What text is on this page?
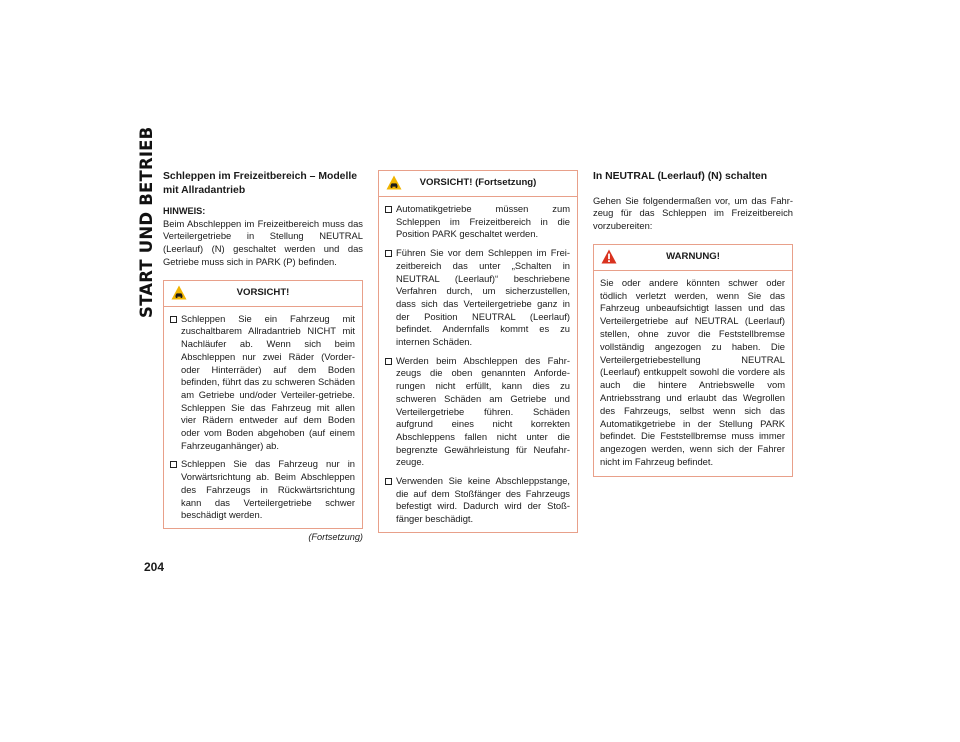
START UND BETRIEB
204

Schleppen im Freizeitbereich – Modelle mit Allradantrieb

HINWEIS:

Beim Abschleppen im Freizeitbereich muss das Verteilergetriebe in Stellung NEUTRAL (Leerlauf) (N) geschaltet werden und das Getriebe muss sich in PARK (P) befinden.

VORSICHT!
Schleppen Sie ein Fahrzeug mit zuschaltbarem Allradantrieb NICHT mit Nachläufer ab. Wenn sich beim Abschleppen nur zwei Räder (Vorder- oder Hinterräder) auf dem Boden befinden, führt das zu schweren Schäden am Getriebe und/oder Verteiler-getriebe. Schleppen Sie das Fahrzeug mit allen vier Rädern entweder auf dem Boden oder vom Boden abgehoben (auf einem Fahrzeuganhänger) ab.
Schleppen Sie das Fahrzeug nur in Vorwärtsrichtung ab. Beim Abschleppen des Fahrzeugs in Rückwärtsrichtung kann das Verteilergetriebe schwer beschädigt werden.
(Fortsetzung)
VORSICHT! (Fortsetzung)
Automatikgetriebe müssen zum Schleppen im Freizeitbereich in die Position PARK geschaltet werden.
Führen Sie vor dem Schleppen im Frei-zeitbereich das unter „Schalten in NEUTRAL (Leerlauf)“ beschriebene Verfahren durch, um sicherzustellen, dass sich das Verteilergetriebe ganz in der Position NEUTRAL (Leerlauf) befindet. Andernfalls kommt es zu internen Schäden.
Werden beim Abschleppen des Fahr-zeugs die oben genannten Anforde-rungen nicht erfüllt, kann dies zu schweren Schäden am Getriebe und Verteilergetriebe führen. Schäden aufgrund eines nicht korrekten Abschleppens fallen nicht unter die begrenzte Gewährleistung für Neufahr-zeuge.
Verwenden Sie keine Abschleppstange, die auf dem Stoßfänger des Fahrzeugs befestigt wird. Dadurch wird der Stoß-fänger beschädigt.

In NEUTRAL (Leerlauf) (N) schalten

Gehen Sie folgendermaßen vor, um das Fahr-zeug für das Schleppen im Freizeitbereich vorzubereiten:

WARNUNG!
Sie oder andere könnten schwer oder tödlich verletzt werden, wenn Sie das Fahrzeug unbeaufsichtigt lassen und das Verteilergetriebe auf NEUTRAL (Leerlauf) stellen, ohne zuvor die Feststellbremse vollständig angezogen zu haben. Die Verteilergetriebestellung NEUTRAL (Leerlauf) entkuppelt sowohl die vordere als auch die hintere Antriebswelle vom Antriebsstrang und erlaubt das Wegrollen des Fahrzeugs, selbst wenn sich das Automatikgetriebe in der Stellung PARK befindet. Die Feststellbremse muss immer angezogen werden, wenn sich der Fahrer nicht im Fahrzeug befindet.
